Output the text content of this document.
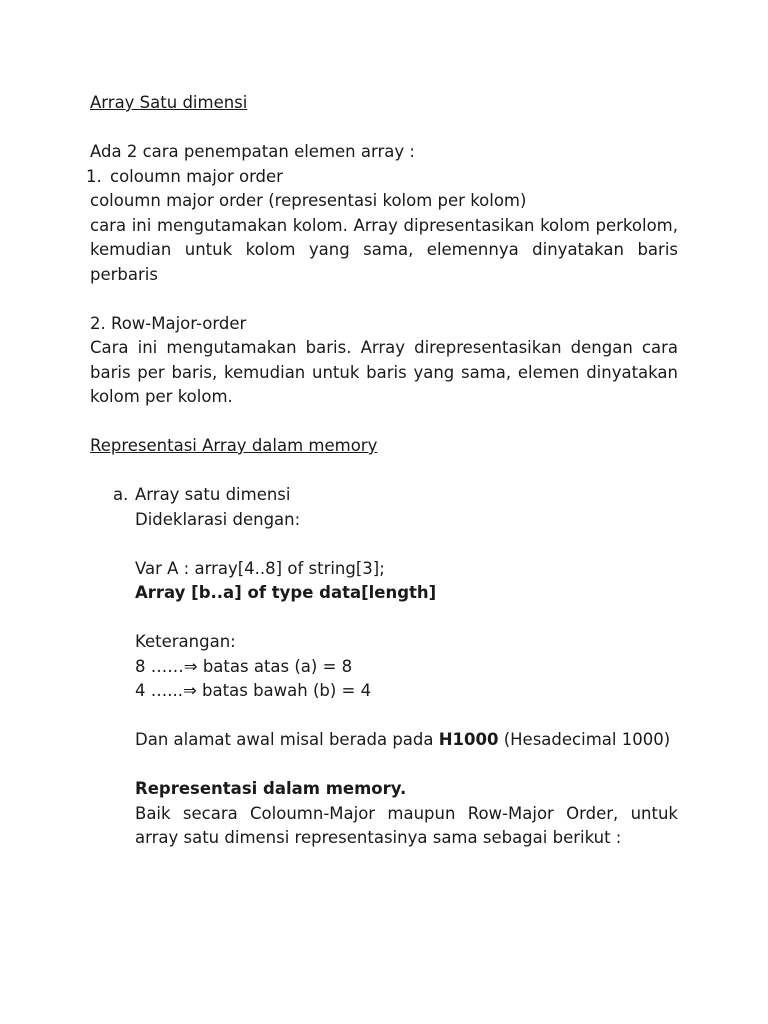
Array Satu dimensi
Ada 2 cara penempatan elemen array :
1. coloumn major order
coloumn major order (representasi kolom per kolom)
cara ini mengutamakan kolom. Array dipresentasikan kolom perkolom, kemudian untuk kolom yang sama, elemennya dinyatakan baris perbaris
2. Row-Major-order
Cara ini mengutamakan baris. Array direpresentasikan dengan cara baris per baris, kemudian untuk baris yang sama, elemen dinyatakan kolom per kolom.
Representasi Array dalam memory
a. Array satu dimensi
Dideklarasi dengan:
Var A : array[4..8] of string[3];
Array [b..a] of type data[length]
Keterangan:
8 ……⇒ batas atas (a) = 8
4 …...⇒ batas bawah (b) = 4
Dan alamat awal misal berada pada H1000 (Hesadecimal 1000)
Representasi dalam memory.
Baik secara Coloumn-Major maupun Row-Major Order, untuk array satu dimensi representasinya sama sebagai berikut :
